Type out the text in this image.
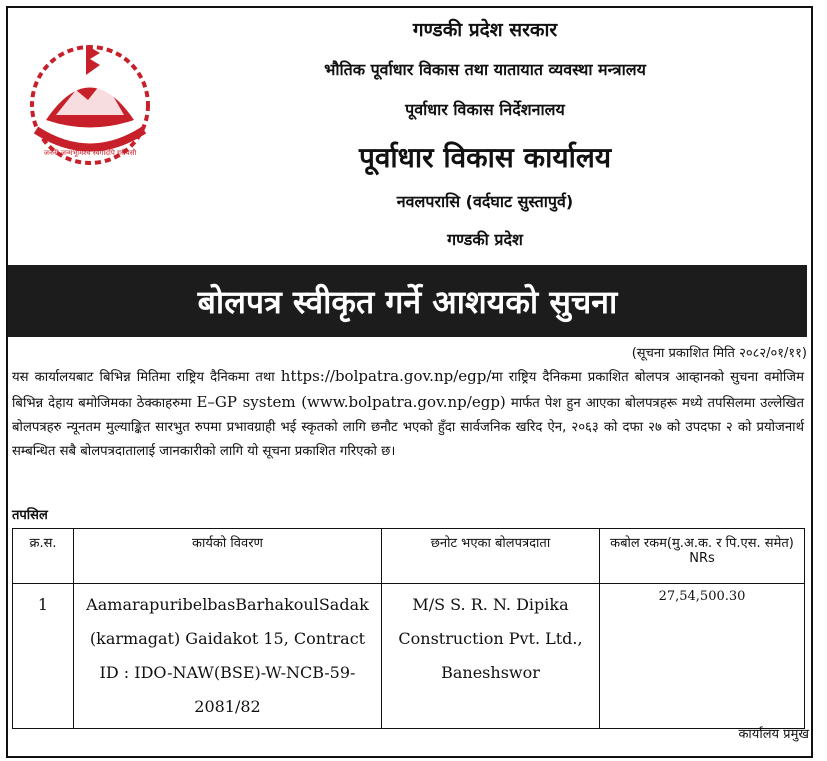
जननी जन्मभूमिश्च स्वर्गादपि गरीयसी
गण्डकी प्रदेश सरकार
भौतिक पूर्वाधार विकास तथा यातायात व्यवस्था मन्त्रालय
पूर्वाधार विकास निर्देशनालय
पूर्वाधार विकास कार्यालय
नवलपरासि (वर्दघाट सुस्तापुर्व)
गण्डकी प्रदेश
बोलपत्र स्वीकृत गर्ने आशयको सुचना
(सूचना प्रकाशित मिति २०८२/०१/११)
यस कार्यालयबाट बिभिन्न मितिमा राष्ट्रिय दैनिकमा तथा https://bolpatra.gov.np/egp/मा राष्ट्रिय दैनिकमा प्रकाशित बोलपत्र आव्हानको सुचना वमोजिम बिभिन्न देहाय बमोजिमका ठेक्काहरुमा E–GP system (www.bolpatra.gov.np/egp) मार्फत पेश हुन आएका बोलपत्रहरू मध्ये तपसिलमा उल्लेखित बोलपत्रहरु न्यूनतम मुल्याङ्कित सारभुत रुपमा प्रभावग्राही भई स्कृतको लागि छनौट भएको हुँदा सार्वजनिक खरिद ऐन, २०६३ को दफा २७ को उपदफा २ को प्रयोजनार्थ सम्बन्धित सबै बोलपत्रदातालाई जानकारीको लागि यो सूचना प्रकाशित गरिएको छ।
तपसिल
क्र.स.	कार्यको विवरण	छनोट भएका बोलपत्रदाता	कबोल रकम(मु.अ.क. र पि.एस. समेत) NRs
1	AamarapuribelbasBarhakoulSadak (karmagat) Gaidakot 15, Contract ID : IDO-NAW(BSE)-W-NCB-59-2081/82	M/S S. R. N. Dipika Construction Pvt. Ltd., Baneshswor	27,54,500.30
कार्यालय प्रमुख
